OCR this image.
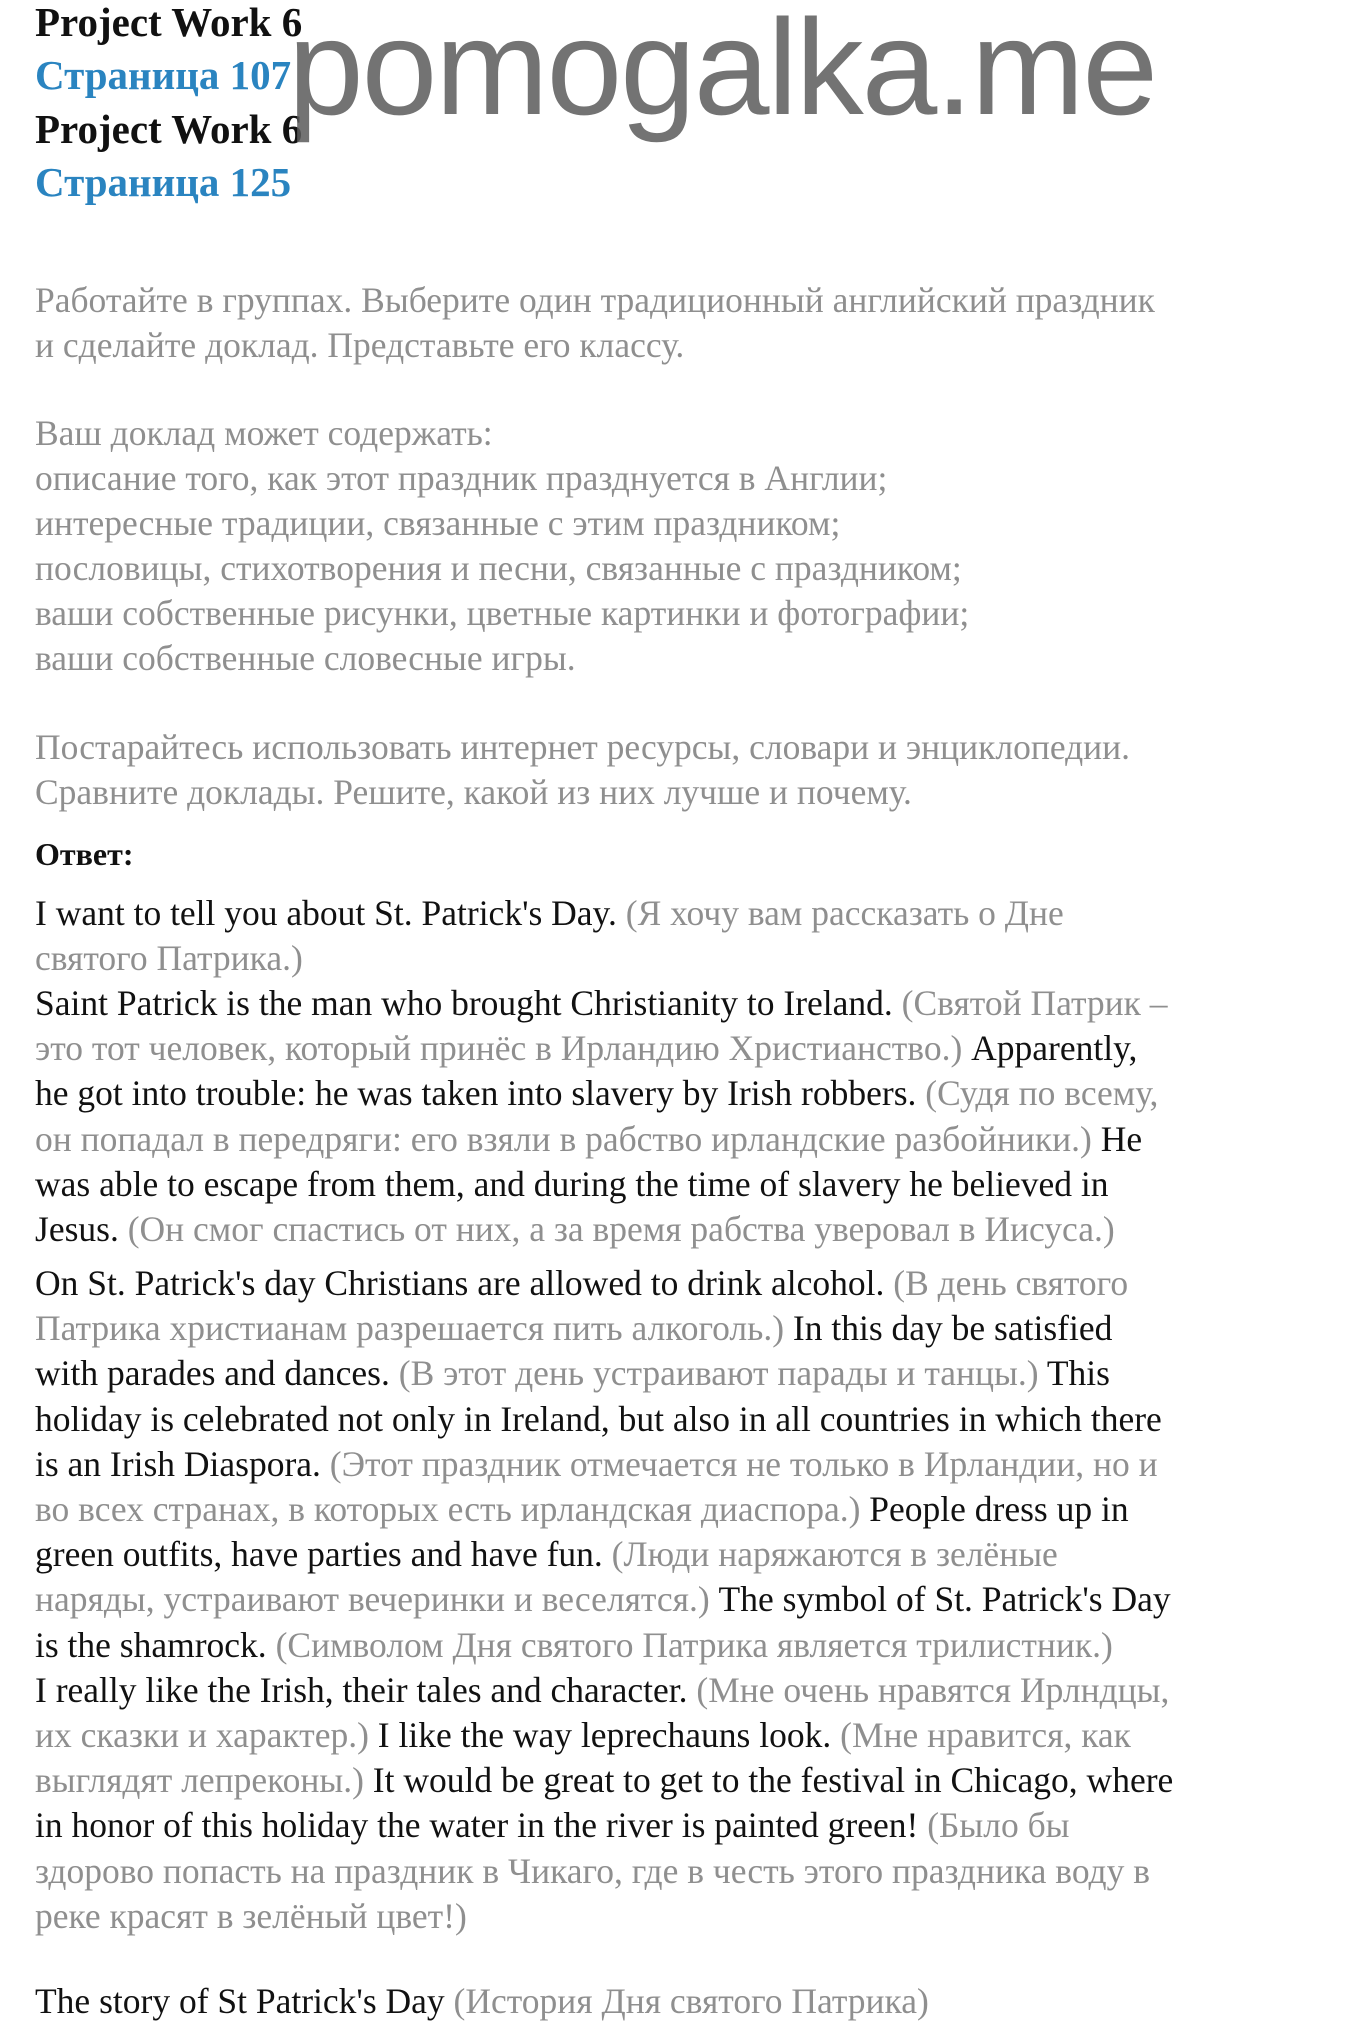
pomogalka.me
Project Work 6
Страница 107
Project Work 6
Страница 125
Работайте в группах. Выберите один традиционный английский праздник
и сделайте доклад. Представьте его классу.
Ваш доклад может содержать:
описание того, как этот праздник празднуется в Англии;
интересные традиции, связанные с этим праздником;
пословицы, стихотворения и песни, связанные с праздником;
ваши собственные рисунки, цветные картинки и фотографии;
ваши собственные словесные игры.
Постарайтесь использовать интернет ресурсы, словари и энциклопедии.
Сравните доклады. Решите, какой из них лучше и почему.
Ответ:
I want to tell you about St. Patrick's Day. (Я хочу вам рассказать о Дне
святого Патрика.)
Saint Patrick is the man who brought Christianity to Ireland. (Святой Патрик –
это тот человек, который принёс в Ирландию Христианство.) Apparently,
he got into trouble: he was taken into slavery by Irish robbers. (Судя по всему,
он попадал в передряги: его взяли в рабство ирландские разбойники.) He
was able to escape from them, and during the time of slavery he believed in
Jesus. (Он смог спастись от них, а за время рабства уверовал в Иисуса.)
On St. Patrick's day Christians are allowed to drink alcohol. (В день святого
Патрика христианам разрешается пить алкоголь.) In this day be satisfied
with parades and dances. (В этот день устраивают парады и танцы.) This
holiday is celebrated not only in Ireland, but also in all countries in which there
is an Irish Diaspora. (Этот праздник отмечается не только в Ирландии, но и
во всех странах, в которых есть ирландская диаспора.) People dress up in
green outfits, have parties and have fun. (Люди наряжаются в зелёные
наряды, устраивают вечеринки и веселятся.) The symbol of St. Patrick's Day
is the shamrock. (Символом Дня святого Патрика является трилистник.)
I really like the Irish, their tales and character. (Мне очень нравятся Ирлндцы,
их сказки и характер.) I like the way leprechauns look. (Мне нравится, как
выглядят лепреконы.) It would be great to get to the festival in Chicago, where
in honor of this holiday the water in the river is painted green! (Было бы
здорово попасть на праздник в Чикаго, где в честь этого праздника воду в
реке красят в зелёный цвет!)
The story of St Patrick's Day (История Дня святого Патрика)
